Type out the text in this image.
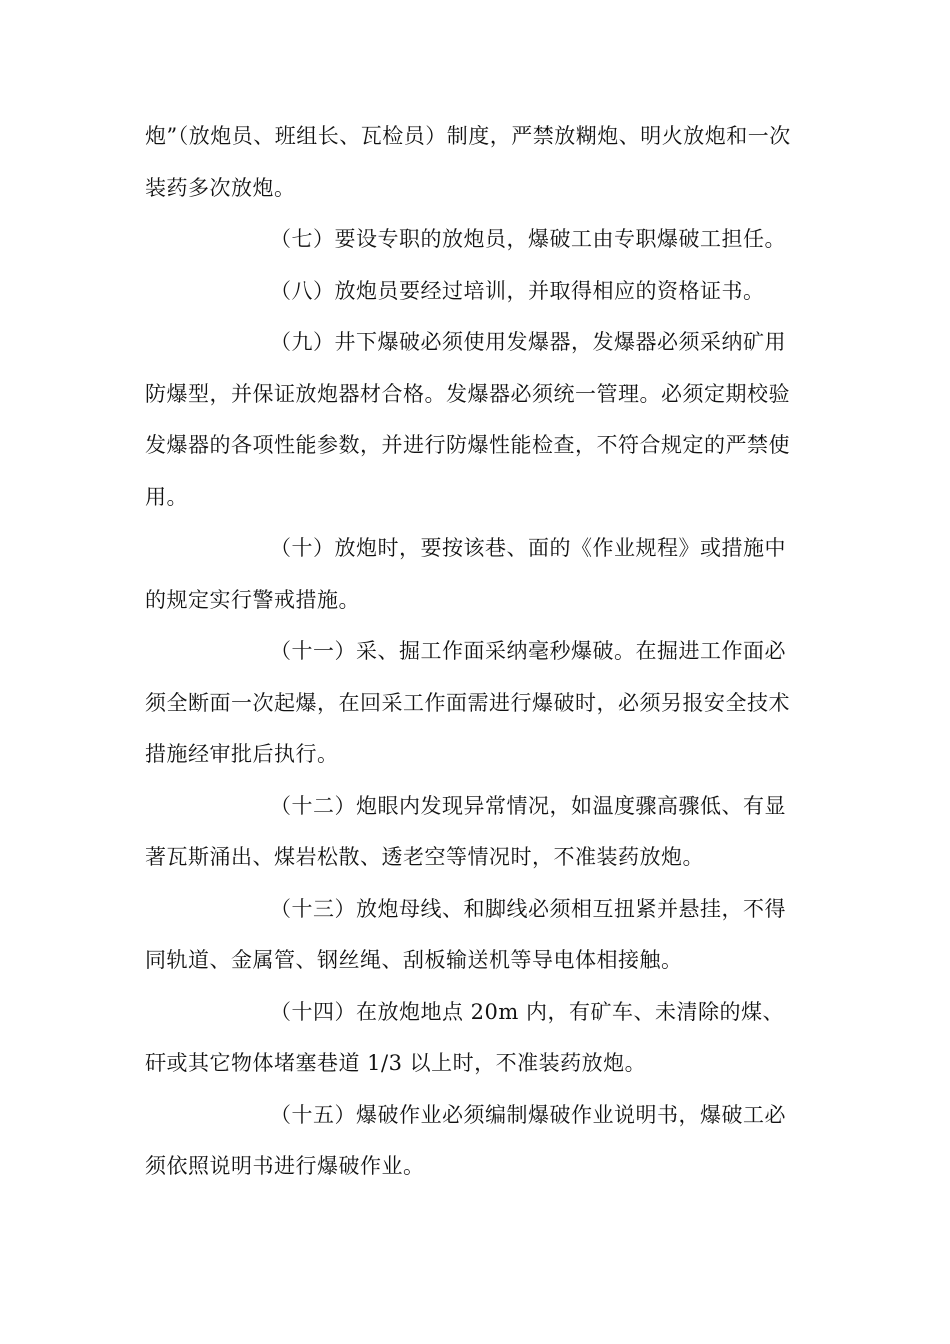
炮”（放炮员、班组长、瓦检员）制度，严禁放糊炮、明火放炮和一次装药多次放炮。

（七）要设专职的放炮员，爆破工由专职爆破工担任。

（八）放炮员要经过培训，并取得相应的资格证书。

（九）井下爆破必须使用发爆器，发爆器必须采纳矿用防爆型，并保证放炮器材合格。发爆器必须统一管理。必须定期校验发爆器的各项性能参数，并进行防爆性能检查，不符合规定的严禁使用。

（十）放炮时，要按该巷、面的《作业规程》或措施中的规定实行警戒措施。

（十一）采、掘工作面采纳毫秒爆破。在掘进工作面必须全断面一次起爆，在回采工作面需进行爆破时，必须另报安全技术措施经审批后执行。

（十二）炮眼内发现异常情况，如温度骤高骤低、有显著瓦斯涌出、煤岩松散、透老空等情况时，不准装药放炮。

（十三）放炮母线、和脚线必须相互扭紧并悬挂，不得同轨道、金属管、钢丝绳、刮板输送机等导电体相接触。

（十四）在放炮地点 20m 内，有矿车、未清除的煤、矸或其它物体堵塞巷道 1/3 以上时，不准装药放炮。

（十五）爆破作业必须编制爆破作业说明书，爆破工必须依照说明书进行爆破作业。
